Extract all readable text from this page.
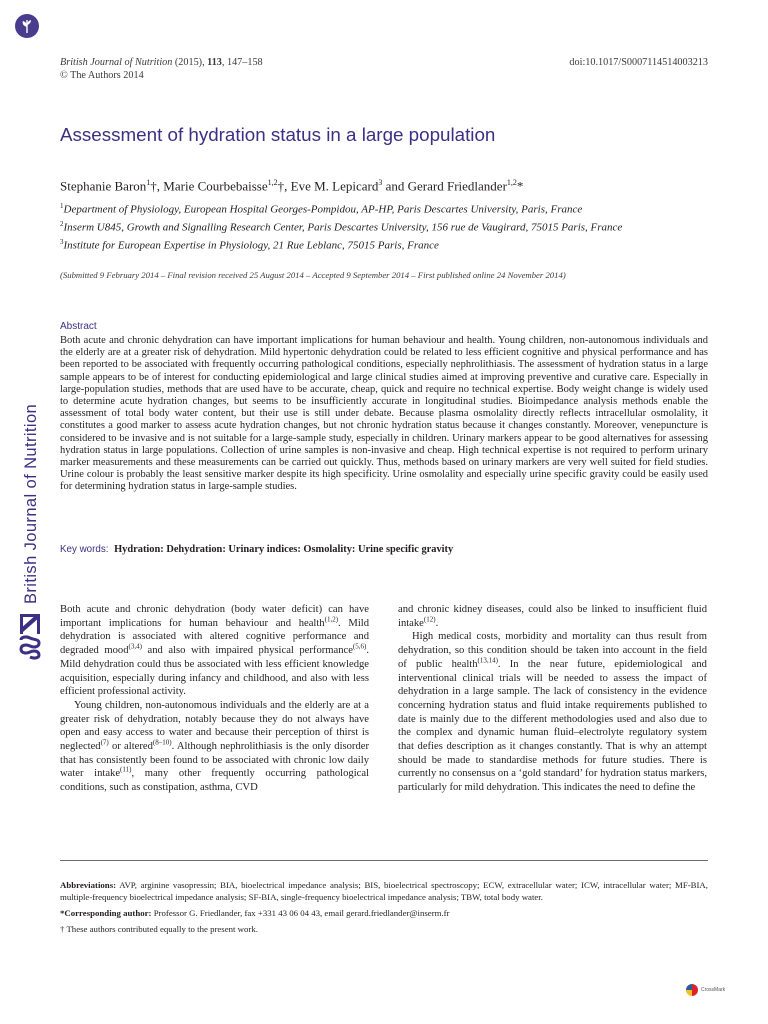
British Journal of Nutrition
British Journal of Nutrition (2015), 113, 147–158
© The Authors 2014
doi:10.1017/S0007114514003213
Assessment of hydration status in a large population
Stephanie Baron$^1$†, Marie Courbebaisse$^{1,2}$†, Eve M. Lepicard$^3$ and Gerard Friedlander$^{1,2}$*
$^1$Department of Physiology, European Hospital Georges-Pompidou, AP-HP, Paris Descartes University, Paris, France
$^2$Inserm U845, Growth and Signalling Research Center, Paris Descartes University, 156 rue de Vaugirard, 75015 Paris, France
$^3$Institute for European Expertise in Physiology, 21 Rue Leblanc, 75015 Paris, France
(Submitted 9 February 2014 – Final revision received 25 August 2014 – Accepted 9 September 2014 – First published online 24 November 2014)
Abstract

Both acute and chronic dehydration can have important implications for human behaviour and health. Young children, non-autonomous individuals and the elderly are at a greater risk of dehydration. Mild hypertonic dehydration could be related to less efficient cognitive and physical performance and has been reported to be associated with frequently occurring pathological conditions, especially nephrolithiasis. The assessment of hydration status in a large sample appears to be of interest for conducting epidemiological and large clinical studies aimed at improving preventive and curative care. Especially in large-population studies, methods that are used have to be accurate, cheap, quick and require no technical expertise. Body weight change is widely used to determine acute hydration changes, but seems to be insufficiently accurate in longitudinal studies. Bioimpedance analysis methods enable the assessment of total body water content, but their use is still under debate. Because plasma osmolality directly reflects intracellular osmolality, it constitutes a good marker to assess acute hydration changes, but not chronic hydration status because it changes constantly. Moreover, venepuncture is considered to be invasive and is not suitable for a large-sample study, especially in children. Urinary markers appear to be good alternatives for assessing hydration status in large populations. Collection of urine samples is non-invasive and cheap. High technical expertise is not required to perform urinary marker measurements and these measurements can be carried out quickly. Thus, methods based on urinary markers are very well suited for field studies. Urine colour is probably the least sensitive marker despite its high specificity. Urine osmolality and especially urine specific gravity could be easily used for determining hydration status in large-sample studies.

Key words: Hydration: Dehydration: Urinary indices: Osmolality: Urine specific gravity

Both acute and chronic dehydration (body water deficit) can have important implications for human behaviour and health$^{(1,2)}$. Mild dehydration is associated with altered cognitive performance and degraded mood$^{(3,4)}$ and also with impaired physical performance$^{(5,6)}$. Mild dehydration could thus be associated with less efficient knowledge acquisition, especially during infancy and childhood, and also with less efficient professional activity.

Young children, non-autonomous individuals and the elderly are at a greater risk of dehydration, notably because they do not always have open and easy access to water and because their perception of thirst is neglected$^{(7)}$ or altered$^{(8-10)}$. Although nephrolithiasis is the only disorder that has consistently been found to be associated with chronic low daily water intake$^{(11)}$, many other frequently occurring pathological conditions, such as constipation, asthma, CVD

and chronic kidney diseases, could also be linked to insufficient fluid intake$^{(12)}$.

High medical costs, morbidity and mortality can thus result from dehydration, so this condition should be taken into account in the field of public health$^{(13,14)}$. In the near future, epidemiological and interventional clinical trials will be needed to assess the impact of dehydration in a large sample. The lack of consistency in the evidence concerning hydration status and fluid intake requirements published to date is mainly due to the different methodologies used and also due to the complex and dynamic human fluid–electrolyte regulatory system that defies description as it changes constantly. That is why an attempt should be made to standardise methods for future studies. There is currently no consensus on a ‘gold standard’ for hydration status markers, particularly for mild dehydration. This indicates the need to define the

Abbreviations: AVP, arginine vasopressin; BIA, bioelectrical impedance analysis; BIS, bioelectrical spectroscopy; ECW, extracellular water; ICW, intracellular water; MF-BIA, multiple-frequency bioelectrical impedance analysis; SF-BIA, single-frequency bioelectrical impedance analysis; TBW, total body water.

*Corresponding author: Professor G. Friedlander, fax +331 43 06 04 43, email gerard.friedlander@inserm.fr

† These authors contributed equally to the present work.

CrossMark
